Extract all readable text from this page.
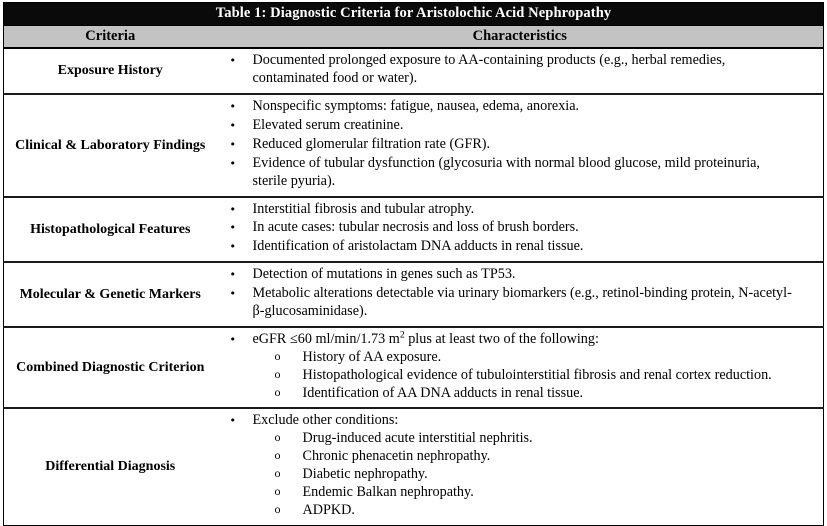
Table 1: Diagnostic Criteria for Aristolochic Acid Nephropathy	
Criteria	Characteristics
Exposure History	
• Documented prolonged exposure to AA-containing products (e.g., herbal remedies, contaminated food or water).

Clinical & Laboratory Findings	
• Nonspecific symptoms: fatigue, nausea, edema, anorexia.
• Elevated serum creatinine.
• Reduced glomerular filtration rate (GFR).
• Evidence of tubular dysfunction (glycosuria with normal blood glucose, mild proteinuria, sterile pyuria).

Histopathological Features	
• Interstitial fibrosis and tubular atrophy.
• In acute cases: tubular necrosis and loss of brush borders.
• Identification of aristolactam DNA adducts in renal tissue.

Molecular & Genetic Markers	
• Detection of mutations in genes such as TP53.
• Metabolic alterations detectable via urinary biomarkers (e.g., retinol-binding protein, N-acetyl-β-glucosaminidase).

Combined Diagnostic Criterion	
• eGFR ≤60 ml/min/1.73 $m^2$ plus at least two of the following:
o History of AA exposure.
o Histopathological evidence of tubulointerstitial fibrosis and renal cortex reduction.
o Identification of AA DNA adducts in renal tissue.

Differential Diagnosis	
• Exclude other conditions:
o Drug-induced acute interstitial nephritis.
o Chronic phenacetin nephropathy.
o Diabetic nephropathy.
o Endemic Balkan nephropathy.
o ADPKD.
